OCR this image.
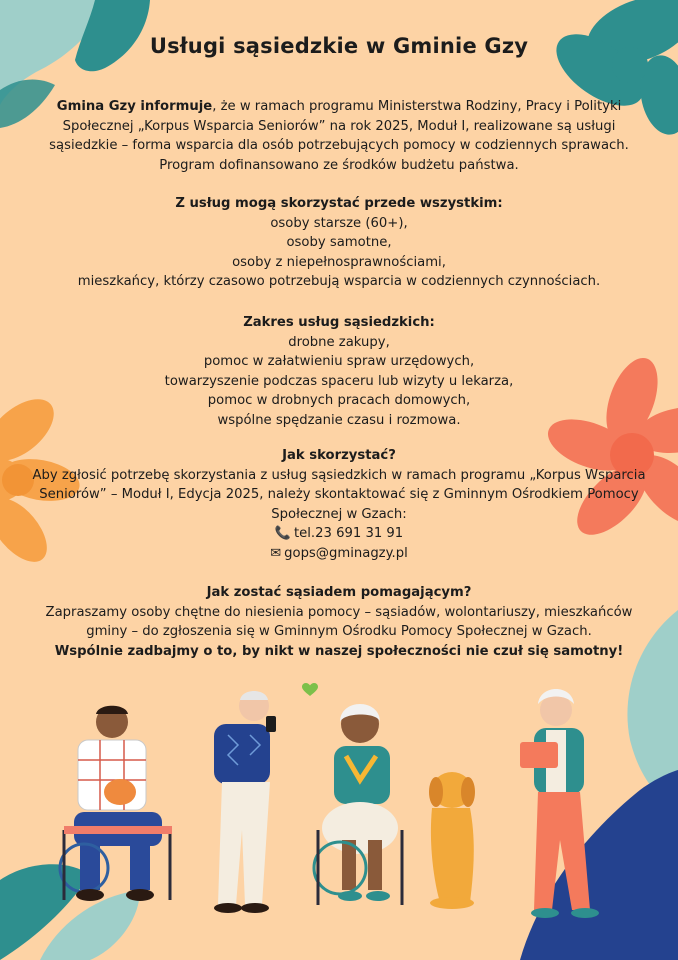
Usługi sąsiedzkie w Gminie Gzy

Gmina Gzy informuje, że w ramach programu Ministerstwa Rodziny, Pracy i Polityki Społecznej „Korpus Wsparcia Seniorów” na rok 2025, Moduł I, realizowane są usługi sąsiedzkie – forma wsparcia dla osób potrzebujących pomocy w codziennych sprawach. Program dofinansowano ze środków budżetu państwa.

Z usług mogą skorzystać przede wszystkim:

osoby starsze (60+),

osoby samotne,

osoby z niepełnosprawnościami,

mieszkańcy, którzy czasowo potrzebują wsparcia w codziennych czynnościach.

Zakres usług sąsiedzkich:

drobne zakupy,

pomoc w załatwieniu spraw urzędowych,

towarzyszenie podczas spaceru lub wizyty u lekarza,

pomoc w drobnych pracach domowych,

wspólne spędzanie czasu i rozmowa.

Jak skorzystać?

Aby zgłosić potrzebę skorzystania z usług sąsiedzkich w ramach programu „Korpus Wsparcia Seniorów” – Moduł I, Edycja 2025, należy skontaktować się z Gminnym Ośrodkiem Pomocy Społecznej w Gzach:

📞 tel.23 691 31 91

✉ gops@gminagzy.pl

Jak zostać sąsiadem pomagającym?

Zapraszamy osoby chętne do niesienia pomocy – sąsiadów, wolontariuszy, mieszkańców gminy – do zgłoszenia się w Gminnym Ośrodku Pomocy Społecznej w Gzach.

Wspólnie zadbajmy o to, by nikt w naszej społeczności nie czuł się samotny!
